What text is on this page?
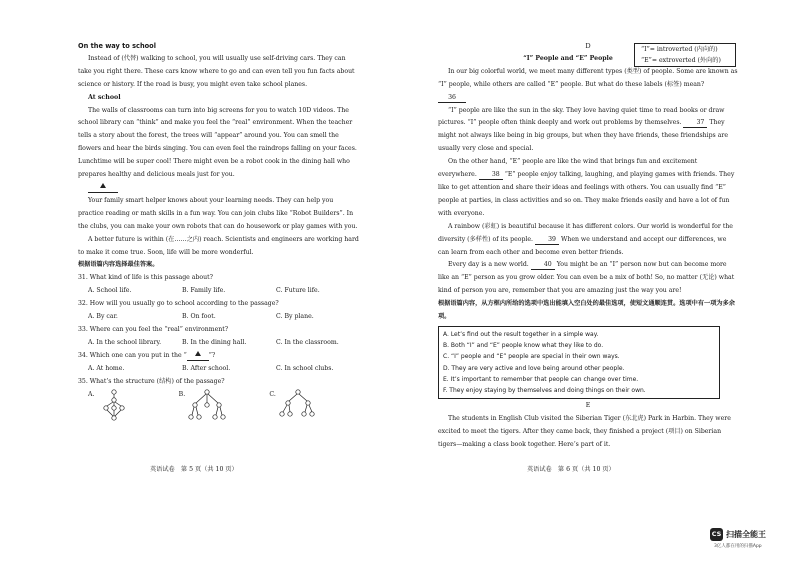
On the way to school

Instead of (代替) walking to school, you will usually use self-driving cars. They can take you right there. These cars know where to go and can even tell you fun facts about science or history. If the road is busy, you might even take school planes.

At school

The walls of classrooms can turn into big screens for you to watch 10D videos. The school library can “think” and make you feel the “real” environment. When the teacher tells a story about the forest, the trees will “appear” around you. You can smell the flowers and hear the birds singing. You can even feel the raindrops falling on your faces. Lunchtime will be super cool! There might even be a robot cook in the dining hall who prepares healthy and delicious meals just for you.

Your family smart helper knows about your learning needs. They can help you practice reading or math skills in a fun way. You can join clubs like “Robot Builders”. In the clubs, you can make your own robots that can do housework or play games with you.

A better future is within (在……之内) reach. Scientists and engineers are working hard to make it come true. Soon, life will be more wonderful.

根据语篇内容选择最佳答案。

31. What kind of life is this passage about?

A. School life.	B. Family life.	C. Future life.

32. How will you usually go to school according to the passage?

A. By car.	B. On foot.	C. By plane.

33. Where can you feel the “real” environment?

A. In the school library.	B. In the dining hall.	C. In the classroom.

34. Which one can you put in the “	”?

A. At home.	B. After school.	C. In school clubs.

35. What’s the structure (结构) of the passage?

A.	B.	C.
英语试卷　第 5 页（共 10 页）

D

“I” People and “E” People

In our big colorful world, we meet many different types (类型) of people. Some are known as “I” people, while others are called “E” people. But what do these labels (标签) mean?

36

“I” people are like the sun in the sky. They love having quiet time to read books or draw pictures. “I” people often think deeply and work out problems by themselves. 37 They might not always like being in big groups, but when they have friends, these friendships are usually very close and special.

On the other hand, “E” people are like the wind that brings fun and excitement everywhere. 38 “E” people enjoy talking, laughing, and playing games with friends. They like to get attention and share their ideas and feelings with others. You can usually find “E” people at parties, in class activities and so on. They make friends easily and have a lot of fun with everyone.

A rainbow (彩虹) is beautiful because it has different colors. Our world is wonderful for the diversity (多样性) of its people. 39 When we understand and accept our differences, we can learn from each other and become even better friends.

Every day is a new world. 40 You might be an “I” person now but can become more like an “E” person as you grow older. You can even be a mix of both! So, no matter (无论) what kind of person you are, remember that you are amazing just the way you are!

根据语篇内容，从方框内所给的选项中选出能填入空白处的最佳选项，使短文通顺连贯。选项中有一项为多余项。

A. Let’s find out the result together in a simple way.
B. Both “I” and “E” people know what they like to do.
C. “I” people and “E” people are special in their own ways.
D. They are very active and love being around other people.
E. It’s important to remember that people can change over time.
F. They enjoy staying by themselves and doing things on their own.

E

The students in English Club visited the Siberian Tiger (东北虎) Park in Harbin. They were excited to meet the tigers. After they came back, they finished a project (项目) on Siberian tigers—making a class book together. Here’s part of it.

“I”= introverted (内向的)
“E”= extroverted (外向的)
英语试卷　第 6 页（共 10 页）
CS 扫描全能王
3亿人都在用的扫描App
